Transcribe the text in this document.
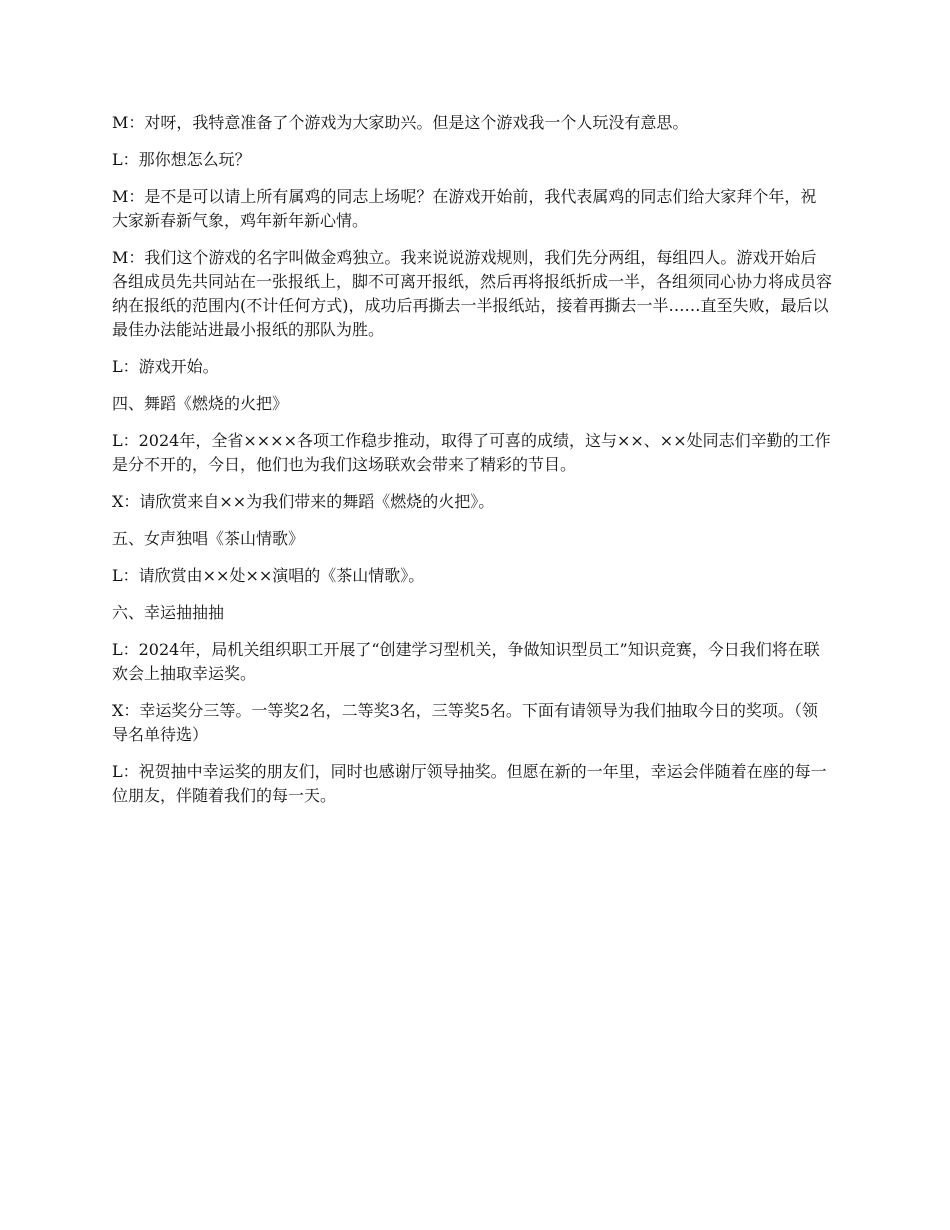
M：对呀，我特意准备了个游戏为大家助兴。但是这个游戏我一个人玩没有意思。

L：那你想怎么玩？

M：是不是可以请上所有属鸡的同志上场呢？在游戏开始前，我代表属鸡的同志们给大家拜个年，祝大家新春新气象，鸡年新年新心情。

M：我们这个游戏的名字叫做金鸡独立。我来说说游戏规则，我们先分两组，每组四人。游戏开始后各组成员先共同站在一张报纸上，脚不可离开报纸，然后再将报纸折成一半，各组须同心协力将成员容纳在报纸的范围内(不计任何方式)，成功后再撕去一半报纸站，接着再撕去一半……直至失败，最后以最佳办法能站进最小报纸的那队为胜。

L：游戏开始。

四、舞蹈《燃烧的火把》

L：2024年，全省××××各项工作稳步推动，取得了可喜的成绩，这与××、××处同志们辛勤的工作是分不开的，今日，他们也为我们这场联欢会带来了精彩的节目。

X：请欣赏来自××为我们带来的舞蹈《燃烧的火把》。

五、女声独唱《茶山情歌》

L：请欣赏由××处××演唱的《茶山情歌》。

六、幸运抽抽抽

L：2024年，局机关组织职工开展了“创建学习型机关，争做知识型员工”知识竞赛，今日我们将在联欢会上抽取幸运奖。

X：幸运奖分三等。一等奖2名，二等奖3名，三等奖5名。下面有请领导为我们抽取今日的奖项。（领导名单待选）

L：祝贺抽中幸运奖的朋友们，同时也感谢厅领导抽奖。但愿在新的一年里，幸运会伴随着在座的每一位朋友，伴随着我们的每一天。
